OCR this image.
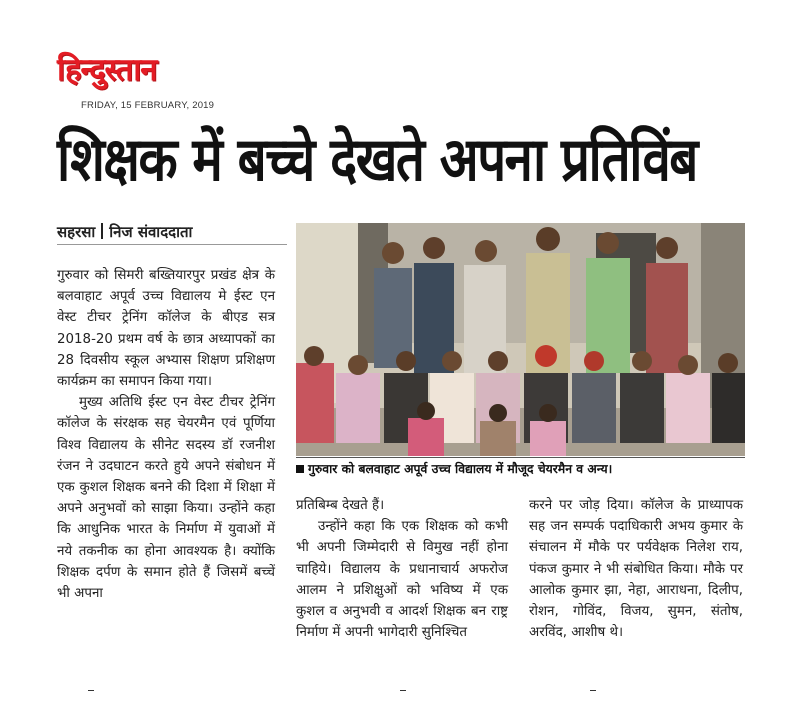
हिन्दुस्तान
FRIDAY, 15 FEBRUARY, 2019
शिक्षक में बच्चे देखते अपना प्रतिविंब
सहरसा निज संवाददाता

गुरुवार को सिमरी बख्तियारपुर प्रखंड क्षेत्र के बलवाहाट अपूर्व उच्च विद्यालय मे ईस्ट एन वेस्ट टीचर ट्रेनिंग कॉलेज के बीएड सत्र 2018-20 प्रथम वर्ष के छात्र अध्यापकों का 28 दिवसीय स्कूल अभ्यास शिक्षण प्रशिक्षण कार्यक्रम का समापन किया गया।

मुख्य अतिथि ईस्ट एन वेस्ट टीचर ट्रेनिंग कॉलेज के संरक्षक सह चेयरमैन एवं पूर्णिया विश्व विद्यालय के सीनेट सदस्य डॉ रजनीश रंजन ने उदघाटन करते हुये अपने संबोधन में एक कुशल शिक्षक बनने की दिशा में शिक्षा में अपने अनुभवों को साझा किया। उन्होंने कहा कि आधुनिक भारत के निर्माण में युवाओं में नये तकनीक का होना आवश्यक है। क्योंकि शिक्षक दर्पण के समान होते हैं जिसमें बच्चें भी अपना

गुरुवार को बलवाहाट अपूर्व उच्च विद्यालय में मौजूद चेयरमैन व अन्य।

प्रतिबिम्ब देखते हैं।

उन्होंने कहा कि एक शिक्षक को कभी भी अपनी जिम्मेदारी से विमुख नहीं होना चाहिये। विद्यालय के प्रधानाचार्य अफरोज आलम ने प्रशिक्षुओं को भविष्य में एक कुशल व अनुभवी व आदर्श शिक्षक बन राष्ट्र निर्माण में अपनी भागेदारी सुनिश्चित

करने पर जोड़ दिया। कॉलेज के प्राध्यापक सह जन सम्पर्क पदाधिकारी अभय कुमार के संचालन में मौके पर पर्यवेक्षक निलेश राय, पंकज कुमार ने भी संबोधित किया। मौके पर आलोक कुमार झा, नेहा, आराधना, दिलीप, रोशन, गोविंद, विजय, सुमन, संतोष, अरविंद, आशीष थे।
